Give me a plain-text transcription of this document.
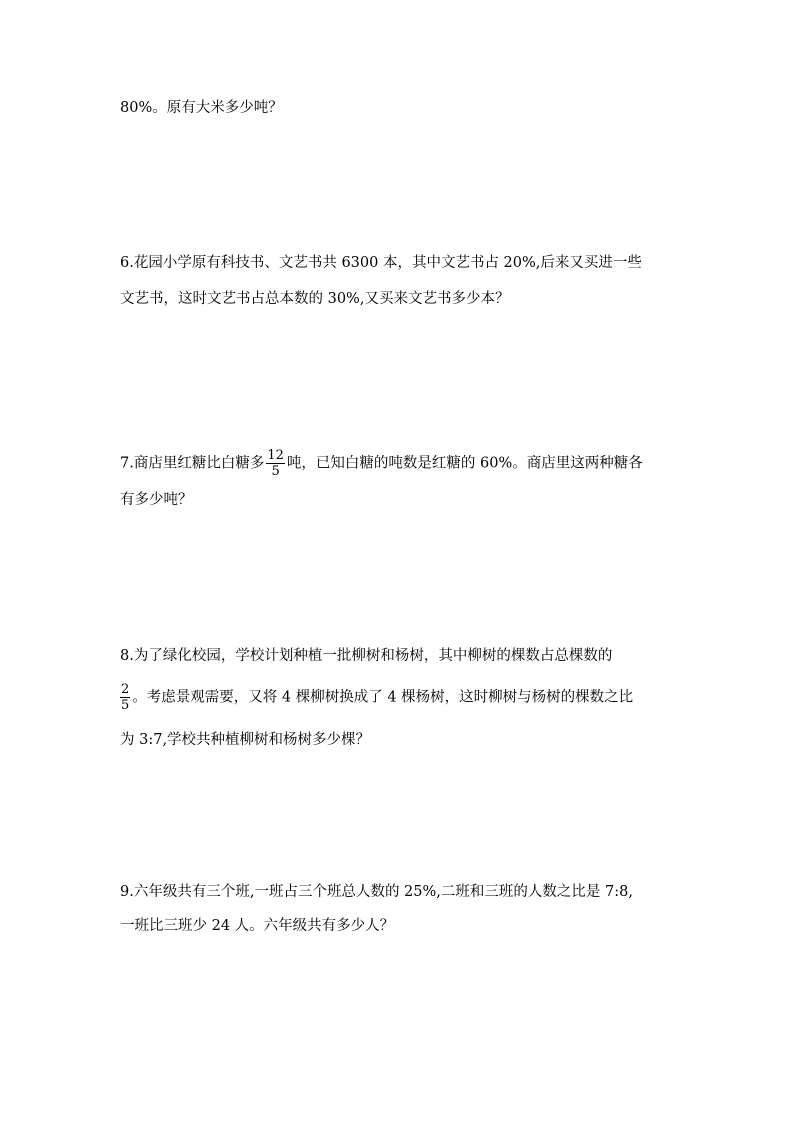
80%。原有大米多少吨？
6.花园小学原有科技书、文艺书共 6300 本，其中文艺书占 20%,后来又买进一些
文艺书，这时文艺书占总本数的 30%,又买来文艺书多少本？
7.商店里红糖比白糖多 $\frac{12}{5}$ 吨，已知白糖的吨数是红糖的 60%。商店里这两种糖各
有多少吨？
8.为了绿化校园，学校计划种植一批柳树和杨树，其中柳树的棵数占总棵数的
$\frac{2}{5}$ 。考虑景观需要，又将 4 棵柳树换成了 4 棵杨树，这时柳树与杨树的棵数之比
为 3:7,学校共种植柳树和杨树多少棵？
9.六年级共有三个班,一班占三个班总人数的 25%,二班和三班的人数之比是 7:8,
一班比三班少 24 人。六年级共有多少人？
